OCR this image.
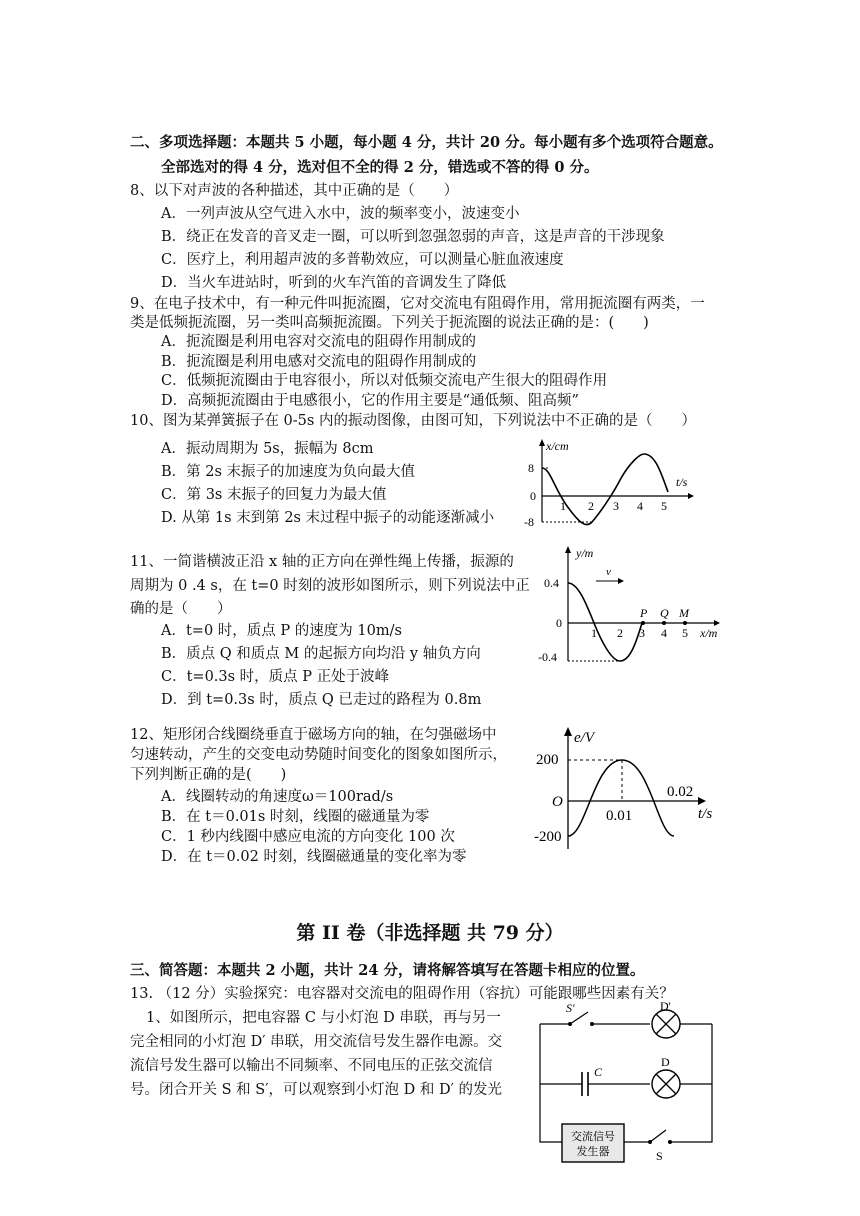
二、多项选择题：本题共 5 小题，每小题 4 分，共计 20 分。每小题有多个选项符合题意。
全部选对的得 4 分，选对但不全的得 2 分，错选或不答的得 0 分。
8、以下对声波的各种描述，其中正确的是（　　）
A．一列声波从空气进入水中，波的频率变小，波速变小
B．绕正在发音的音叉走一圈，可以听到忽强忽弱的声音，这是声音的干涉现象
C．医疗上，利用超声波的多普勒效应，可以测量心脏血液速度
D．当火车进站时，听到的火车汽笛的音调发生了降低
9、在电子技术中，有一种元件叫扼流圈，它对交流电有阻碍作用，常用扼流圈有两类，一
类是低频扼流圈，另一类叫高频扼流圈。下列关于扼流圈的说法正确的是：(　　)
A．扼流圈是利用电容对交流电的阻碍作用制成的
B．扼流圈是利用电感对交流电的阻碍作用制成的
C．低频扼流圈由于电容很小，所以对低频交流电产生很大的阻碍作用
D．高频扼流圈由于电感很小，它的作用主要是“通低频、阻高频”
10、图为某弹簧振子在 0-5s 内的振动图像，由图可知，下列说法中不正确的是（　　）
A．振动周期为 5s，振幅为 8cm
B．第 2s 末振子的加速度为负向最大值
C．第 3s 末振子的回复力为最大值
D. 从第 1s 末到第 2s 末过程中振子的动能逐渐减小
x/cm
t/s
8
0
-8
1 2 3 4 5
11、一简谐横波正沿 x 轴的正方向在弹性绳上传播，振源的
周期为 0 .4 s，在 t=0 时刻的波形如图所示，则下列说法中正
确的是（　　）
A．t=0 时，质点 P 的速度为 10m/s
B．质点 Q 和质点 M 的起振方向均沿 y 轴负方向
C．t=0.3s 时，质点 P 正处于波峰
D．到 t=0.3s 时，质点 Q 已走过的路程为 0.8m
v
y/m
x/m
0.4
0
-0.4
1 2 3 4 5
P Q M
12、矩形闭合线圈绕垂直于磁场方向的轴，在匀强磁场中
匀速转动，产生的交变电动势随时间变化的图象如图所示，
下列判断正确的是(　　)
A．线圈转动的角速度ω＝100rad/s
B．在 t＝0.01s 时刻，线圈的磁通量为零
C．1 秒内线圈中感应电流的方向变化 100 次
D．在 t＝0.02 时刻，线圈磁通量的变化率为零
e/V
t/s
200
O
-200
0.01
0.02
第 II 卷（非选择题 共 79 分）
三、简答题：本题共 2 小题，共计 24 分，请将解答填写在答题卡相应的位置。
13. （12 分）实验探究：电容器对交流电的阻碍作用（容抗）可能跟哪些因素有关？
1、如图所示，把电容器 C 与小灯泡 D 串联，再与另一
完全相同的小灯泡 D′ 串联，用交流信号发生器作电源。交
流信号发生器可以输出不同频率、不同电压的正弦交流信
号。闭合开关 S 和 S′，可以观察到小灯泡 D 和 D′ 的发光
S'	D'
C
D
交流信号
发生器	S
